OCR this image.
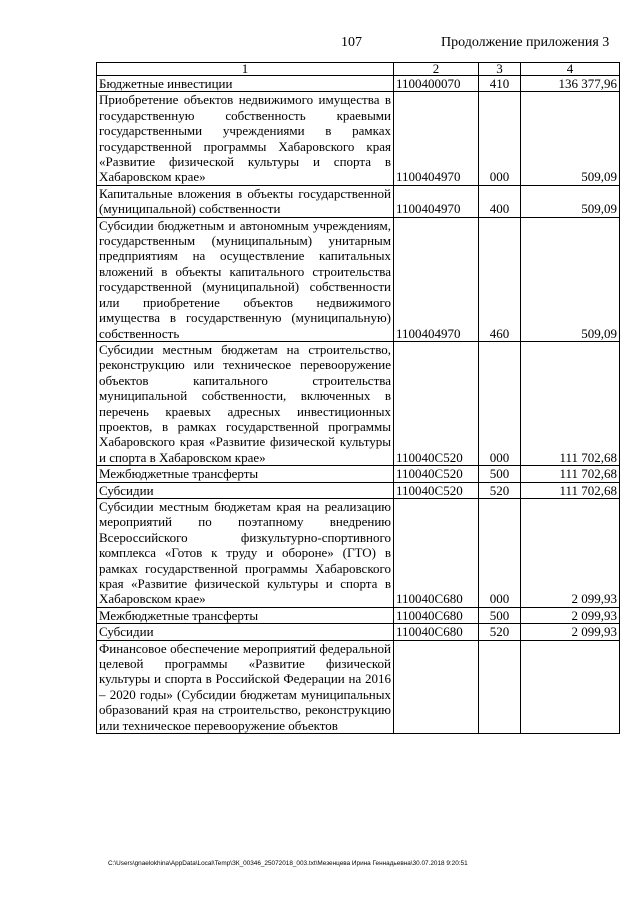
107	Продолжение приложения 3
1	2	3	4
Бюджетные инвестиции	1100400070	410	136 377,96
Приобретение объектов недвижимого имущества в государственную собственность краевыми государственными учреждениями в рамках государственной программы Хабаровского края «Развитие физической культуры и спорта в Хабаровском крае»	1100404970	000	509,09
Капитальные вложения в объекты государственной (муниципальной) собственности	1100404970	400	509,09
Субсидии бюджетным и автономным учреждениям, государственным (муниципальным) унитарным предприятиям на осуществление капитальных вложений в объекты капитального строительства государственной (муниципальной) собственности или приобретение объектов недвижимого имущества в государственную (муниципальную) собственность	1100404970	460	509,09
Субсидии местным бюджетам на строительство, реконструкцию или техническое перевооружение объектов капитального строительства муниципальной собственности, включенных в перечень краевых адресных инвестиционных проектов, в рамках государственной программы Хабаровского края «Развитие физической культуры и спорта в Хабаровском крае»	110040С520	000	111 702,68
Межбюджетные трансферты	110040С520	500	111 702,68
Субсидии	110040С520	520	111 702,68
Субсидии местным бюджетам края на реализацию мероприятий по поэтапному внедрению Всероссийского физкультурно-спортивного комплекса «Готов к труду и обороне» (ГТО) в рамках государственной программы Хабаровского края «Развитие физической культуры и спорта в Хабаровском крае»	110040С680	000	2 099,93
Межбюджетные трансферты	110040С680	500	2 099,93
Субсидии	110040С680	520	2 099,93
Финансовое обеспечение мероприятий федеральной целевой программы «Развитие физической культуры и спорта в Российской Федерации на 2016 – 2020 годы» (Субсидии бюджетам муниципальных образований края на строительство, реконструкцию или техническое перевооружение объектов			
C:\Users\gnaelokhina\AppData\Local\Temp\ЗК_00346_25072018_003.txt\Мезенцева Ирина Геннадьевна\30.07.2018 9:20:51
